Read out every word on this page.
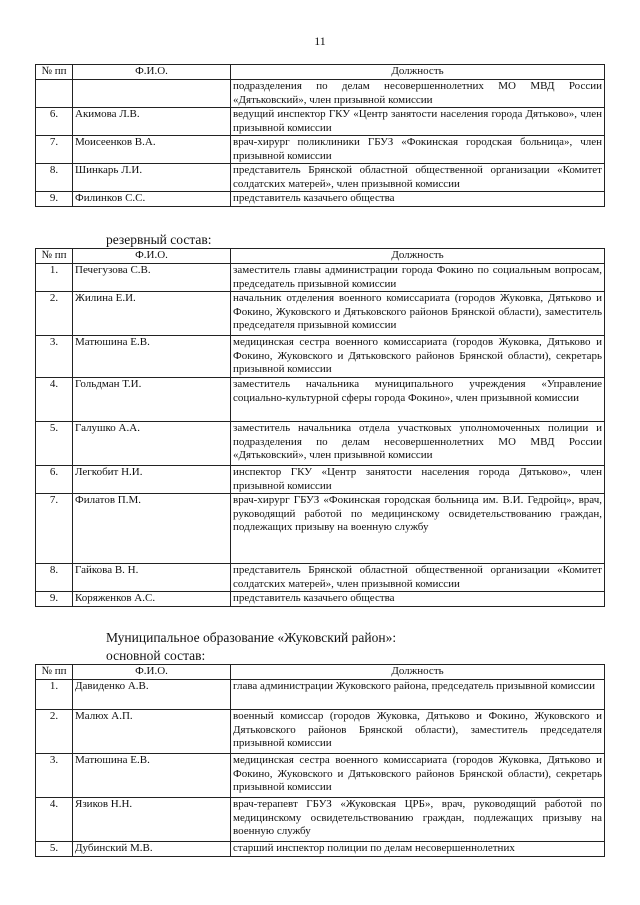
11
№ пп	Ф.И.О.	Должность
		подразделения по делам несовершеннолетних МО МВД России «Дятьковский», член призывной комиссии
6.	Акимова Л.В.	ведущий инспектор ГКУ «Центр занятости населения города Дятьково», член призывной комиссии
7.	Моисеенков В.А.	врач-хирург поликлиники ГБУЗ «Фокинская городская больница», член призывной комиссии
8.	Шинкарь Л.И.	представитель Брянской областной общественной организации «Комитет солдатских матерей», член призывной комиссии
9.	Филинков С.С.	представитель казачьего общества
резервный состав:
№ пп	Ф.И.О.	Должность
1.	Печегузова С.В.	заместитель главы администрации города Фокино по социальным вопросам, председатель призывной комиссии
2.	Жилина Е.И.	начальник отделения военного комиссариата (городов Жуковка, Дятьково и Фокино, Жуковского и Дятьковского районов Брянской области), заместитель председателя призывной комиссии
3.	Матюшина Е.В.	медицинская сестра военного комиссариата (городов Жуковка, Дятьково и Фокино, Жуковского и Дятьковского районов Брянской области), секретарь призывной комиссии
4.	Гольдман Т.И.	заместитель начальника муниципального учреждения «Управление социально-культурной сферы города Фокино», член призывной комиссии
5.	Галушко А.А.	заместитель начальника отдела участковых уполномоченных полиции и подразделения по делам несовершеннолетних МО МВД России «Дятьковский», член призывной комиссии
6.	Легкобит Н.И.	инспектор ГКУ «Центр занятости населения города Дятьково», член призывной комиссии
7.	Филатов П.М.	врач-хирург ГБУЗ «Фокинская городская больница им. В.И. Гедройц», врач, руководящий работой по медицинскому освидетельствованию граждан, подлежащих призыву на военную службу
8.	Гайкова В. Н.	представитель Брянской областной общественной организации «Комитет солдатских матерей», член призывной комиссии
9.	Коряженков А.С.	представитель казачьего общества
Муниципальное образование «Жуковский район»:
основной состав:
№ пп	Ф.И.О.	Должность
1.	Давиденко А.В.	глава администрации Жуковского района, председатель призывной комиссии
2.	Малюх А.П.	военный комиссар (городов Жуковка, Дятьково и Фокино, Жуковского и Дятьковского районов Брянской области), заместитель председателя призывной комиссии
3.	Матюшина Е.В.	медицинская сестра военного комиссариата (городов Жуковка, Дятьково и Фокино, Жуковского и Дятьковского районов Брянской области), секретарь призывной комиссии
4.	Язиков Н.Н.	врач-терапевт ГБУЗ «Жуковская ЦРБ», врач, руководящий работой по медицинскому освидетельствованию граждан, подлежащих призыву на военную службу
5.	Дубинский М.В.	старший инспектор полиции по делам несовершеннолетних
